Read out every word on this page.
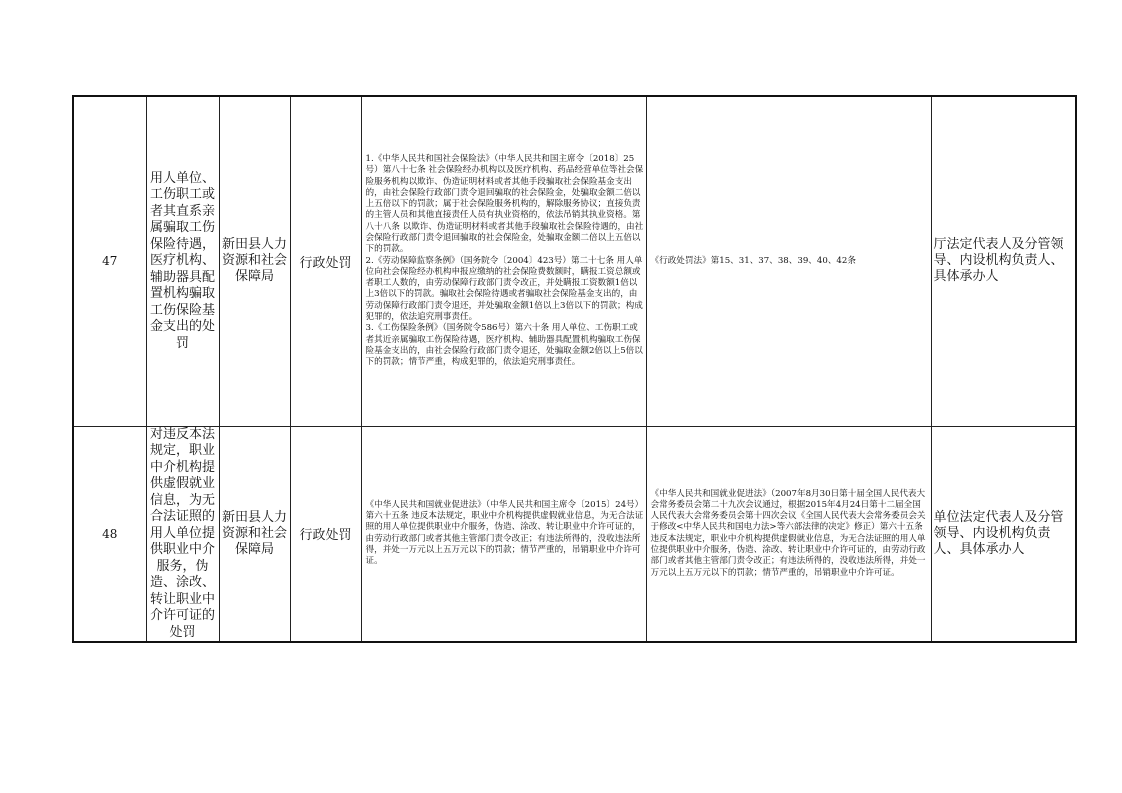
47	用人单位、工伤职工或者其直系亲属骗取工伤保险待遇，医疗机构、辅助器具配置机构骗取工伤保险基金支出的处罚	新田县人力资源和社会保障局	行政处罚	1.《中华人民共和国社会保险法》（中华人民共和国主席令〔2018〕25号）第八十七条 社会保险经办机构以及医疗机构、药品经营单位等社会保险服务机构以欺诈、伪造证明材料或者其他手段骗取社会保险基金支出的，由社会保险行政部门责令退回骗取的社会保险金，处骗取金额二倍以上五倍以下的罚款；属于社会保险服务机构的，解除服务协议；直接负责的主管人员和其他直接责任人员有执业资格的，依法吊销其执业资格。第八十八条 以欺诈、伪造证明材料或者其他手段骗取社会保险待遇的，由社会保险行政部门责令退回骗取的社会保险金，处骗取金额二倍以上五倍以下的罚款。
2.《劳动保障监察条例》（国务院令〔2004〕423号）第二十七条 用人单位向社会保险经办机构申报应缴纳的社会保险费数额时，瞒报工资总额或者职工人数的，由劳动保障行政部门责令改正，并处瞒报工资数额1倍以上3倍以下的罚款。骗取社会保险待遇或者骗取社会保险基金支出的，由劳动保障行政部门责令退还，并处骗取金额1倍以上3倍以下的罚款；构成犯罪的，依法追究刑事责任。
3.《工伤保险条例》（国务院令586号）第六十条 用人单位、工伤职工或者其近亲属骗取工伤保险待遇，医疗机构、辅助器具配置机构骗取工伤保险基金支出的，由社会保险行政部门责令退还，处骗取金额2倍以上5倍以下的罚款；情节严重，构成犯罪的，依法追究刑事责任。	《行政处罚法》第15、31、37、38、39、40、42条	厅法定代表人及分管领导、内设机构负责人、具体承办人
48	对违反本法规定，职业中介机构提供虚假就业信息，为无合法证照的用人单位提供职业中介服务，伪造、涂改、转让职业中介许可证的处罚	新田县人力资源和社会保障局	行政处罚	《中华人民共和国就业促进法》（中华人民共和国主席令〔2015〕24号）第六十五条 违反本法规定，职业中介机构提供虚假就业信息，为无合法证照的用人单位提供职业中介服务，伪造、涂改、转让职业中介许可证的，由劳动行政部门或者其他主管部门责令改正；有违法所得的，没收违法所得，并处一万元以上五万元以下的罚款；情节严重的，吊销职业中介许可证。	《中华人民共和国就业促进法》（2007年8月30日第十届全国人民代表大会常务委员会第二十九次会议通过，根据2015年4月24日第十二届全国人民代表大会常务委员会第十四次会议《全国人民代表大会常务委员会关于修改<中华人民共和国电力法>等六部法律的决定》修正）第六十五条 违反本法规定，职业中介机构提供虚假就业信息，为无合法证照的用人单位提供职业中介服务，伪造、涂改、转让职业中介许可证的，由劳动行政部门或者其他主管部门责令改正；有违法所得的，没收违法所得，并处一万元以上五万元以下的罚款；情节严重的，吊销职业中介许可证。	单位法定代表人及分管领导、内设机构负责人、具体承办人
